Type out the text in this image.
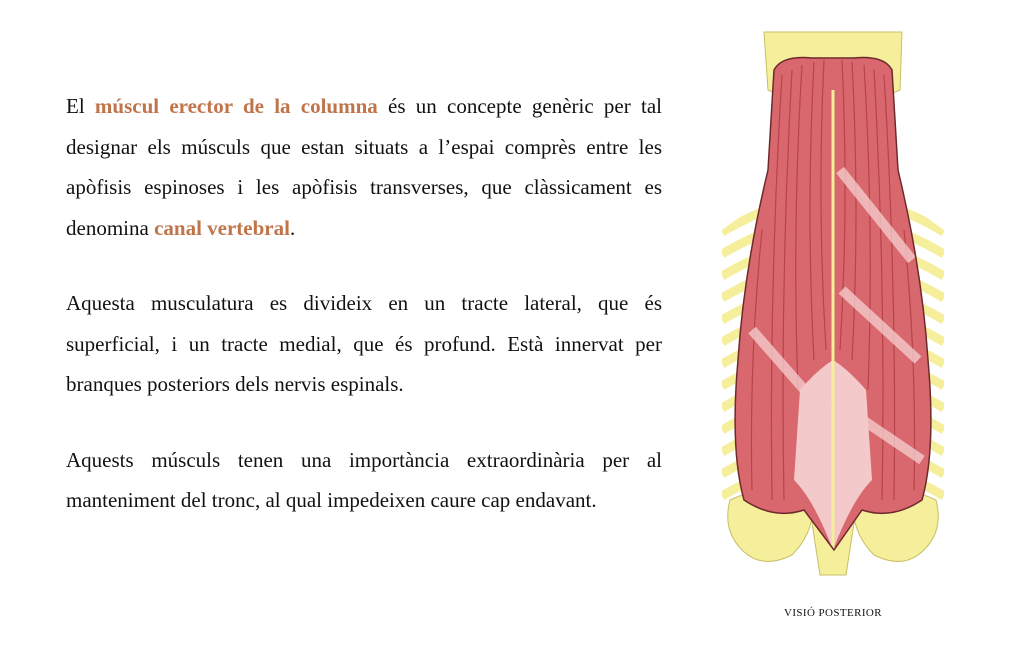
El múscul erector de la columna és un concepte genèric per tal designar els músculs que estan situats a l’espai comprès entre les apòfisis espinoses i les apòfisis transverses, que clàssicament es denomina canal vertebral.

Aquesta musculatura es divideix en un tracte lateral, que és superficial, i un tracte medial, que és profund. Està innervat per branques posteriors dels nervis espinals.

Aquests músculs tenen una importància extraordinària per al manteniment del tronc, al qual impedeixen caure cap endavant.

VISIÓ POSTERIOR
